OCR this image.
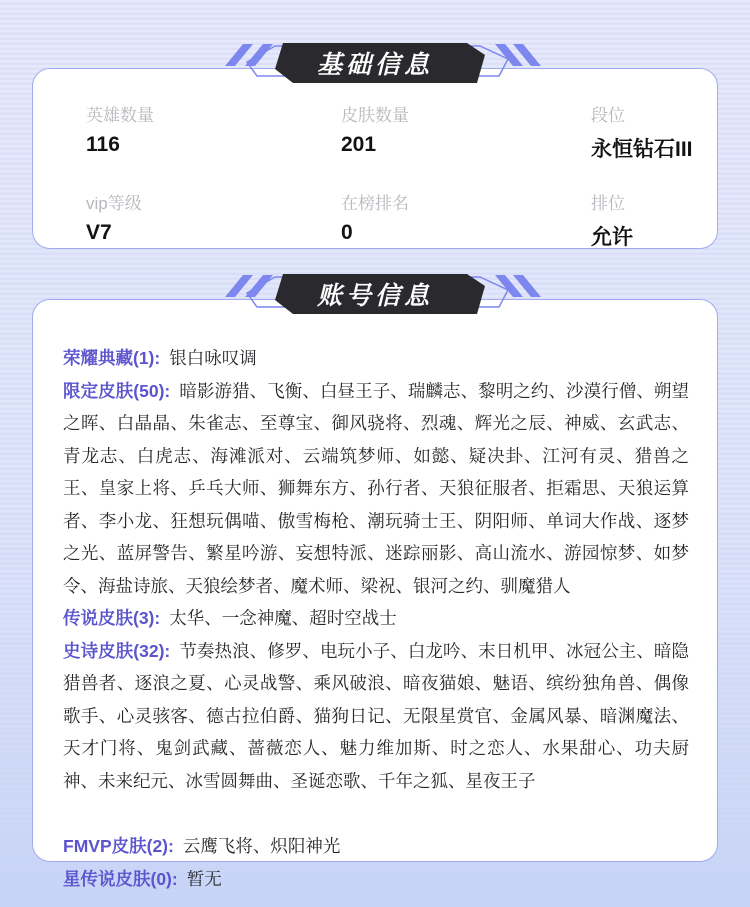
基础信息
英雄数量
116
皮肤数量
201
段位
永恒钻石III
vip等级
V7
在榜排名
0
排位
允许
账号信息

荣耀典藏(1): 银白咏叹调

限定皮肤(50): 暗影游猎、飞衡、白昼王子、瑞麟志、黎明之约、沙漠行僧、朔望之晖、白晶晶、朱雀志、至尊宝、御风骁将、烈魂、辉光之辰、神威、玄武志、青龙志、白虎志、海滩派对、云端筑梦师、如懿、疑决卦、江河有灵、猎兽之王、皇家上将、乒乓大师、狮舞东方、孙行者、天狼征服者、拒霜思、天狼运算者、李小龙、狂想玩偶喵、傲雪梅枪、潮玩骑士王、阴阳师、单词大作战、逐梦之光、蓝屏警告、繁星吟游、妄想特派、迷踪丽影、高山流水、游园惊梦、如梦令、海盐诗旅、天狼绘梦者、魔术师、梁祝、银河之约、驯魔猎人

传说皮肤(3): 太华、一念神魔、超时空战士

史诗皮肤(32): 节奏热浪、修罗、电玩小子、白龙吟、末日机甲、冰冠公主、暗隐猎兽者、逐浪之夏、心灵战警、乘风破浪、暗夜猫娘、魅语、缤纷独角兽、偶像歌手、心灵骇客、德古拉伯爵、猫狗日记、无限星赏官、金属风暴、暗渊魔法、天才门将、鬼剑武藏、蔷薇恋人、魅力维加斯、时之恋人、水果甜心、功夫厨神、未来纪元、冰雪圆舞曲、圣诞恋歌、千年之狐、星夜王子

FMVP皮肤(2): 云鹰飞将、炽阳神光

星传说皮肤(0): 暂无
